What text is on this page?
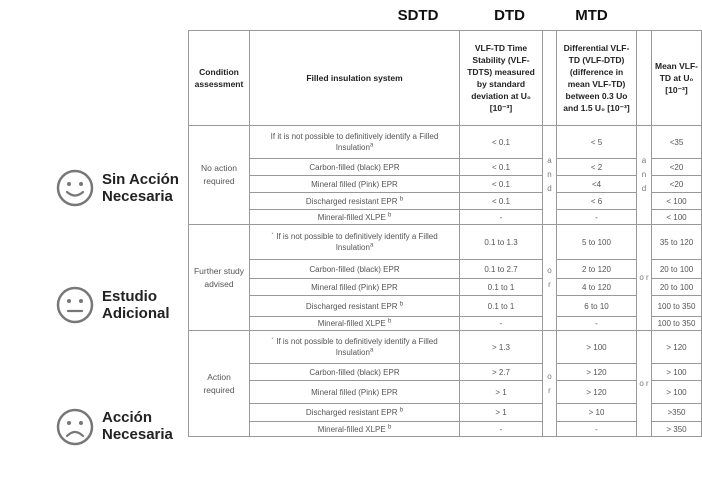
SDTD	DTD	MTD
Sin Acción Necesaria
Estudio Adicional
Acción Necesaria
Condition assessment	Filled insulation system	VLF-TD Time Stability (VLF-TDTS) measured by standard deviation at U₀ [10⁻³]		Differential VLF-TD (VLF-DTD) (difference in mean VLF-TD) between 0.3 Uo and 1.5 U₀ [10⁻³]		Mean VLF-TD at U₀ [10⁻³]
No action required	If it is not possible to definitively identify a Filled Insulation$^a$	< 0.1	a n d	< 5	a n d	<35
	Carbon-filled (black) EPR	< 0.1		< 2		<20
	Mineral filled (Pink) EPR	< 0.1		<4		<20
	Discharged resistant EPR $^b$	< 0.1		< 6		< 100
	Mineral-filled XLPE $^b$	-		-		< 100
Further study advised	´ If is not possible to definitively identify a Filled Insulation$^a$	0.1 to 1.3	o r	5 to 100	o r	35 to 120
	Carbon-filled (black) EPR	0.1 to 2.7		2 to 120		20 to 100
	Mineral filled (Pink) EPR	0.1 to 1		4 to 120		20 to 100
	Discharged resistant EPR $^b$	0.1 to 1		6 to 10		100 to 350
	Mineral-filled XLPE $^b$	-		-		100 to 350
Action required	´ If is not possible to definitively identify a Filled Insulation$^a$	> 1.3	o r	> 100	o r	> 120
	Carbon-filled (black) EPR	> 2.7		> 120		> 100
	Mineral filled (Pink) EPR	> 1		> 120		> 100
	Discharged resistant EPR $^b$	> 1		> 10		>350
	Mineral-filled XLPE $^b$	-		-		> 350
